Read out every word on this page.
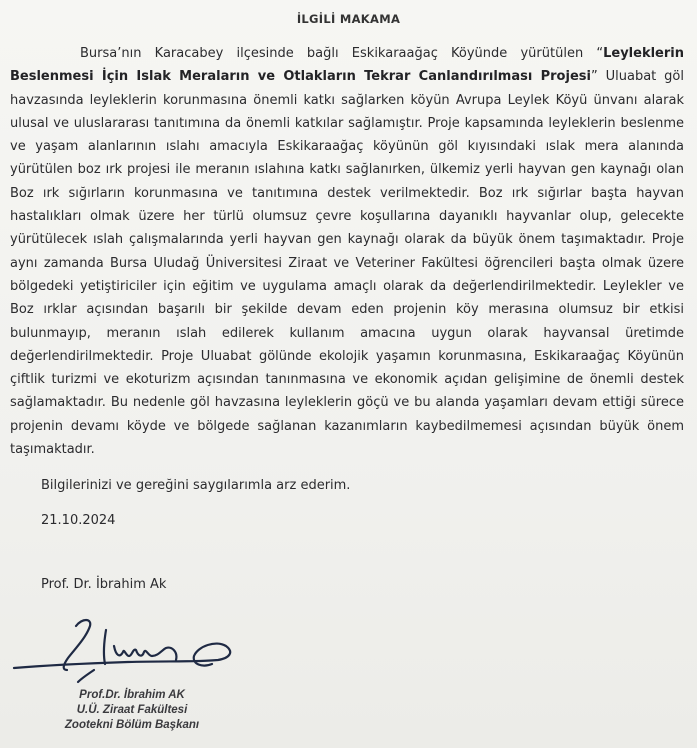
İLGİLİ MAKAMA

Bursa’nın Karacabey ilçesinde bağlı Eskikaraağaç Köyünde yürütülen “Leyleklerin Beslenmesi İçin Islak Meraların ve Otlakların Tekrar Canlandırılması Projesi” Uluabat göl havzasında leyleklerin korunmasına önemli katkı sağlarken köyün Avrupa Leylek Köyü ünvanı alarak ulusal ve uluslararası tanıtımına da önemli katkılar sağlamıştır. Proje kapsamında leyleklerin beslenme ve yaşam alanlarının ıslahı amacıyla Eskikaraağaç köyünün göl kıyısındaki ıslak mera alanında yürütülen boz ırk projesi ile meranın ıslahına katkı sağlanırken, ülkemiz yerli hayvan gen kaynağı olan Boz ırk sığırların korunmasına ve tanıtımına destek verilmektedir. Boz ırk sığırlar başta hayvan hastalıkları olmak üzere her türlü olumsuz çevre koşullarına dayanıklı hayvanlar olup, gelecekte yürütülecek ıslah çalışmalarında yerli hayvan gen kaynağı olarak da büyük önem taşımaktadır. Proje aynı zamanda Bursa Uludağ Üniversitesi Ziraat ve Veteriner Fakültesi öğrencileri başta olmak üzere bölgedeki yetiştiriciler için eğitim ve uygulama amaçlı olarak da değerlendirilmektedir. Leylekler ve Boz ırklar açısından başarılı bir şekilde devam eden projenin köy merasına olumsuz bir etkisi bulunmayıp, meranın ıslah edilerek kullanım amacına uygun olarak hayvansal üretimde değerlendirilmektedir. Proje Uluabat gölünde ekolojik yaşamın korunmasına, Eskikaraağaç Köyünün çiftlik turizmi ve ekoturizm açısından tanınmasına ve ekonomik açıdan gelişimine de önemli destek sağlamaktadır. Bu nedenle göl havzasına leyleklerin göçü ve bu alanda yaşamları devam ettiği sürece projenin devamı köyde ve bölgede sağlanan kazanımların kaybedilmemesi açısından büyük önem taşımaktadır.

Bilgilerinizi ve gereğini saygılarımla arz ederim.
21.10.2024
Prof. Dr. İbrahim Ak
Prof.Dr. İbrahim AK
U.Ü. Ziraat Fakültesi
Zootekni Bölüm Başkanı
